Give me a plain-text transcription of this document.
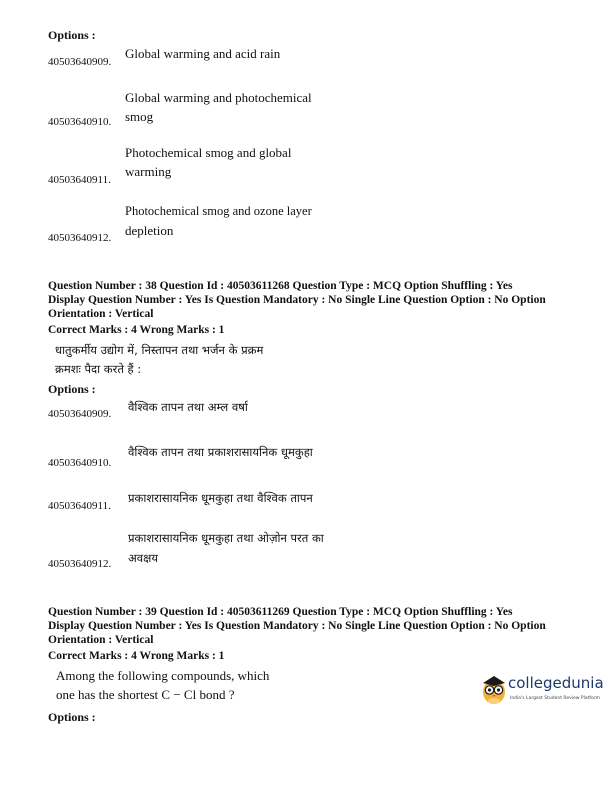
Options :
40503640909.
Global warming and acid rain
Global warming and photochemical
40503640910. smog
Photochemical smog and global
warming
40503640911.
Photochemical smog and ozone layer
depletion
40503640912.
Question Number : 38 Question Id : 40503611268 Question Type : MCQ Option Shuffling : Yes
Display Question Number : Yes Is Question Mandatory : No Single Line Question Option : No Option
Orientation : Vertical
Correct Marks : 4 Wrong Marks : 1
धातुकर्मीय उद्योग में, निस्तापन तथा भर्जन के प्रक्रम
क्रमशः पैदा करते हैं :
Options :
वैश्विक तापन तथा अम्ल वर्षा
40503640909.
वैश्विक तापन तथा प्रकाशरासायनिक धूमकुहा
40503640910.
प्रकाशरासायनिक धूमकुहा तथा वैश्विक तापन
40503640911.
प्रकाशरासायनिक धूमकुहा तथा ओज़ोन परत का
अवक्षय
40503640912.
Question Number : 39 Question Id : 40503611269 Question Type : MCQ Option Shuffling : Yes
Display Question Number : Yes Is Question Mandatory : No Single Line Question Option : No Option
Orientation : Vertical
Correct Marks : 4 Wrong Marks : 1
Among the following compounds, which
one has the shortest C − Cl bond ?
Options :
collegedunia
India's Largest Student Review Platform
